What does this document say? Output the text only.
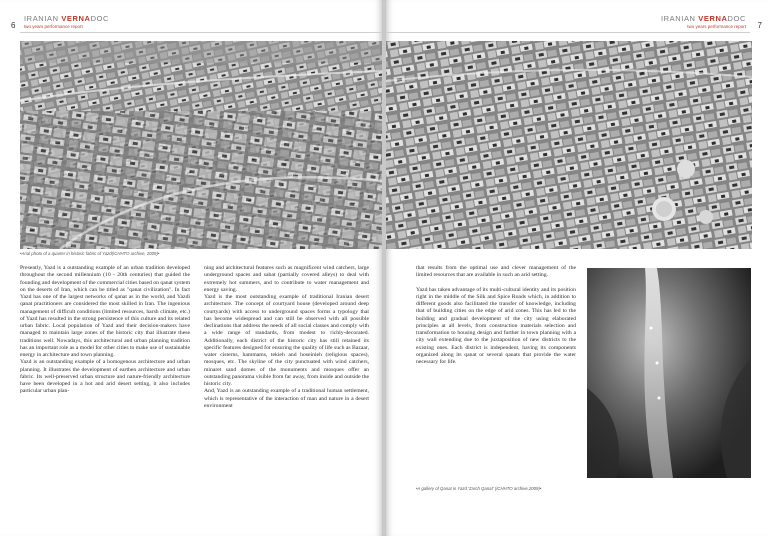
6
IRANIAN VERNADOC
two years performance report
•Arial photo of a quarter in historic fabric of Yazd(ICHHTO archive, 2009)•

Presently, Yazd is a outstanding example of an urban tradition developed throughout the second millennium (10 - 20th centuries) that guided the founding and development of the commercial cities based on qanat system on the deserts of Iran, which can be titled as "qanat civilization". In fact Yazd has one of the largest networks of qanat as in the world, and Yazdi qanat practitioners are considered the most skilled in Iran. The ingenious management of difficult conditions (limited resources, harsh climate, etc.) of Yazd has resulted in the strong persistence of this culture and its related urban fabric. Local population of Yazd and their decision-makers have managed to maintain large zones of the historic city that illustrate these traditions well. Nowadays, this architectural and urban planning tradition has an important role as a model for other cities to make use of sustainable energy in architecture and town planning.

Yazd is an outstanding example of a homogenous architecture and urban planning. It illustrates the development of earthen architecture and urban fabric. Its well-preserved urban structure and nature-friendly architecture have been developed in a hot and arid desert setting, it also includes particular urban plan-

ning and architectural features such as magnificent wind catchers, large underground spaces and sabat (partially covered alleys) to deal with extremely hot summers, and to contribute to water management and energy saving.

Yazd is the most outstanding example of traditional Iranian desert architecture. The concept of courtyard house (developed around deep courtyards) with access to underground spaces forms a typology that has become widespread and can still be observed with all possible declinations that address the needs of all social classes and comply with a wide range of standards, from modest to richly-decorated. Additionally, each district of the historic city has still retained its specific features designed for ensuring the quality of life such as Bazaar, water cisterns, hammams, tekieh and hoseinieh (religious spaces), mosques, etc. The skyline of the city punctuated with wind catchers, minaret sand domes of the monuments and mosques offer an outstanding panorama visible from far away, from inside and outside the historic city.

And, Yazd is an outstanding example of a traditional human settlement, which is representative of the interaction of man and nature in a desert environment

IRANIAN VERNADOC
two years performance report 7

that results from the optimal use and clever management of the limited resources that are available in such an arid setting.

Yazd has taken advantage of its multi-cultural identity and its position right in the middle of the Silk and Spice Roads which, in addition to different goods also facilitated the transfer of knowledge, including that of building cities on the edge of arid zones. This has led to the building and gradual development of the city using elaborated principles at all levels, from construction materials selection and transformation to housing design and further in town planning with a city wall extending due to the juxtaposition of new districts to the existing ones. Each district is independent, having its components organized along its qanat or several qanats that provide the water necessary for life.

•A gallery of Qanat in Yazd 'Zarch Qanat' (ICHHTO archive,2009)•
